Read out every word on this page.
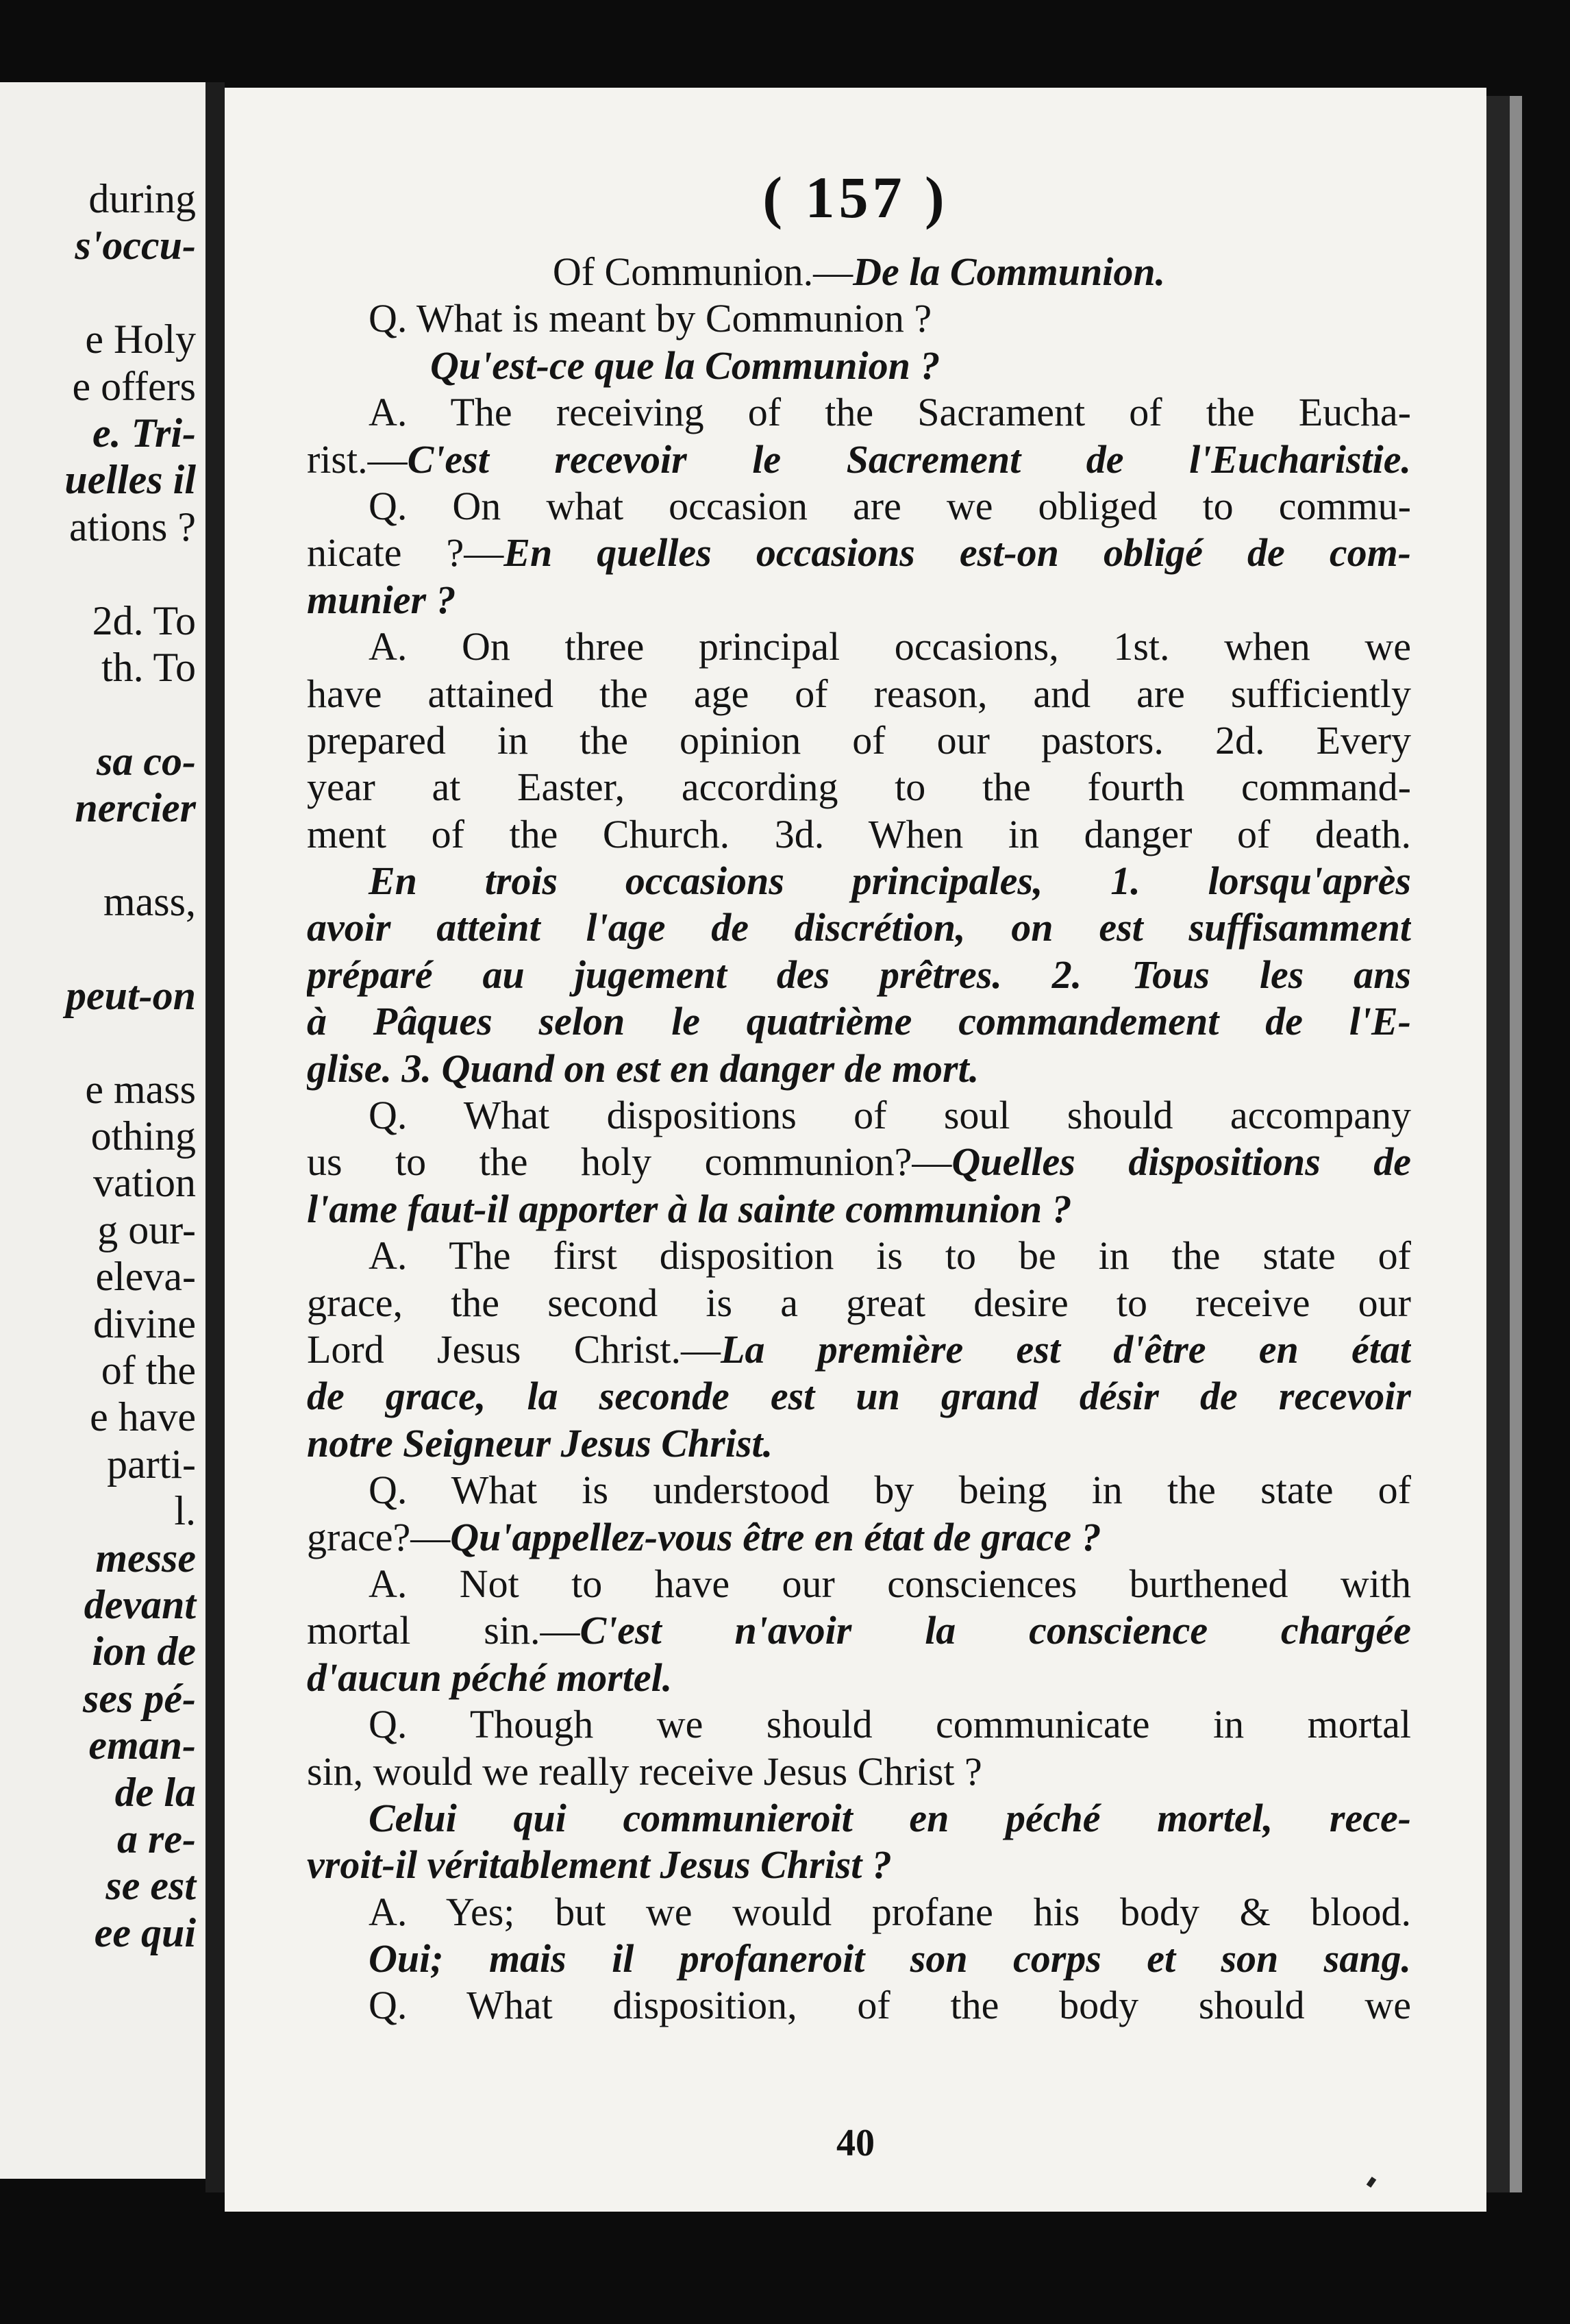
during
s'occu-
e Holy
e offers
e. Tri-
uelles il
ations ?
2d. To
th. To
sa co-
nercier
mass,
peut-on
e mass
othing
vation
g our-
eleva-
divine
of the
e have
parti-
l.
messe
devant
ion de
ses pé-
eman-
de la
a re-
se est
ee qui
( 157 )
Of Communion.—De la Communion.
Q. What is meant by Communion ?
Qu'est-ce que la Communion ?
A. The receiving of the Sacrament of the Eucha-
rist.—C'est recevoir le Sacrement de l'Eucharistie.
Q. On what occasion are we obliged to commu-
nicate ?—En quelles occasions est-on obligé de com-
munier ?
A. On three principal occasions, 1st. when we
have attained the age of reason, and are sufficiently
prepared in the opinion of our pastors. 2d. Every
year at Easter, according to the fourth command-
ment of the Church. 3d. When in danger of death.
En trois occasions principales, 1. lorsqu'après
avoir atteint l'age de discrétion, on est suffisamment
préparé au jugement des prêtres. 2. Tous les ans
à Pâques selon le quatrième commandement de l'E-
glise. 3. Quand on est en danger de mort.
Q. What dispositions of soul should accompany
us to the holy communion?—Quelles dispositions de
l'ame faut-il apporter à la sainte communion ?
A. The first disposition is to be in the state of
grace, the second is a great desire to receive our
Lord Jesus Christ.—La première est d'être en état
de grace, la seconde est un grand désir de recevoir
notre Seigneur Jesus Christ.
Q. What is understood by being in the state of
grace?—Qu'appellez-vous être en état de grace ?
A. Not to have our consciences burthened with
mortal sin.—C'est n'avoir la conscience chargée
d'aucun péché mortel.
Q. Though we should communicate in mortal
sin, would we really receive Jesus Christ ?
Celui qui communieroit en péché mortel, rece-
vroit-il véritablement Jesus Christ ?
A. Yes; but we would profane his body & blood.
Oui; mais il profaneroit son corps et son sang.
Q. What disposition, of the body should we
40
